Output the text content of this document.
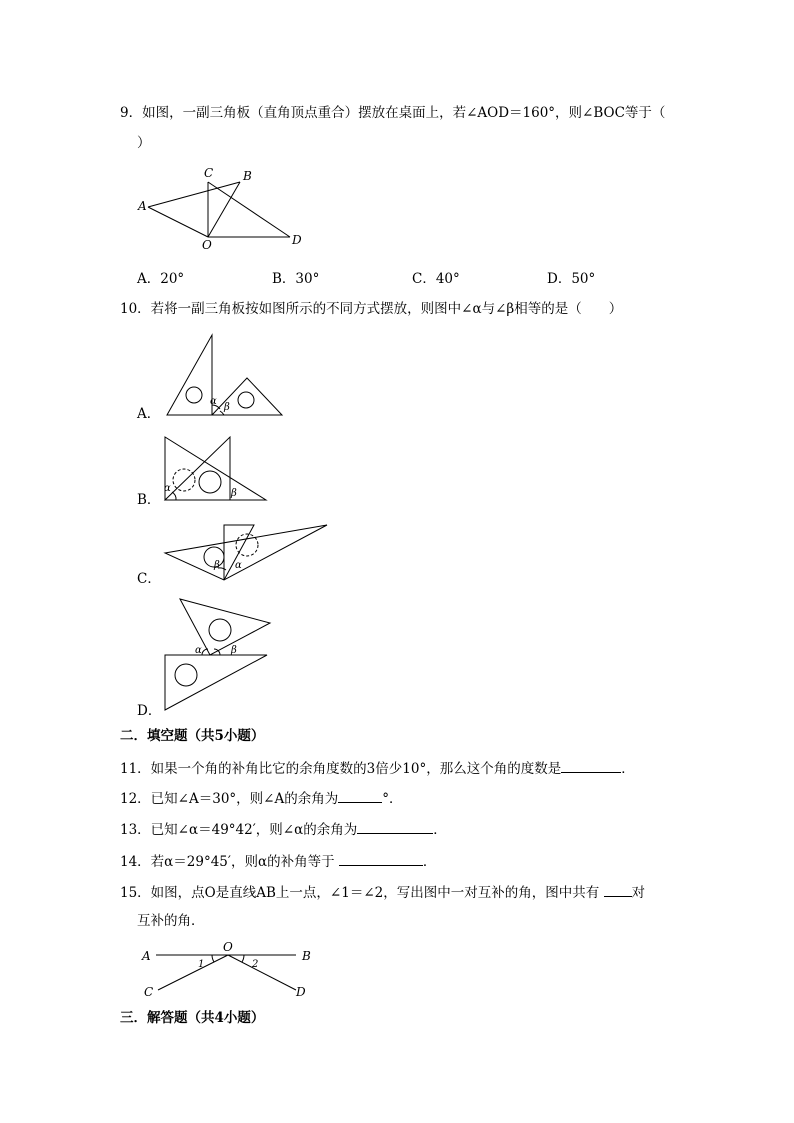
9．如图，一副三角板（直角顶点重合）摆放在桌面上，若∠AOD＝160°，则∠BOC等于（
）
A
C B
O	D
A．20°	B．30°	C．40°	D．50°
10．若将一副三角板按如图所示的不同方式摆放，则图中∠α与∠β相等的是（　　）
α
β
A．
α	β
B．
β α
C．
α	β
D．
二．填空题（共5小题）
11．如果一个角的补角比它的余角度数的3倍少10°，那么这个角的度数是	．
12．已知∠A＝30°，则∠A的余角为	°．
13．已知∠α＝49°42′，则∠α的余角为	．
14．若α＝29°45′，则α的补角等于	．
15．如图，点O是直线AB上一点，∠1＝∠2，写出图中一对互补的角，图中共有 对
互补的角．
A
O
B
1	2
C	D
三．解答题（共4小题）
